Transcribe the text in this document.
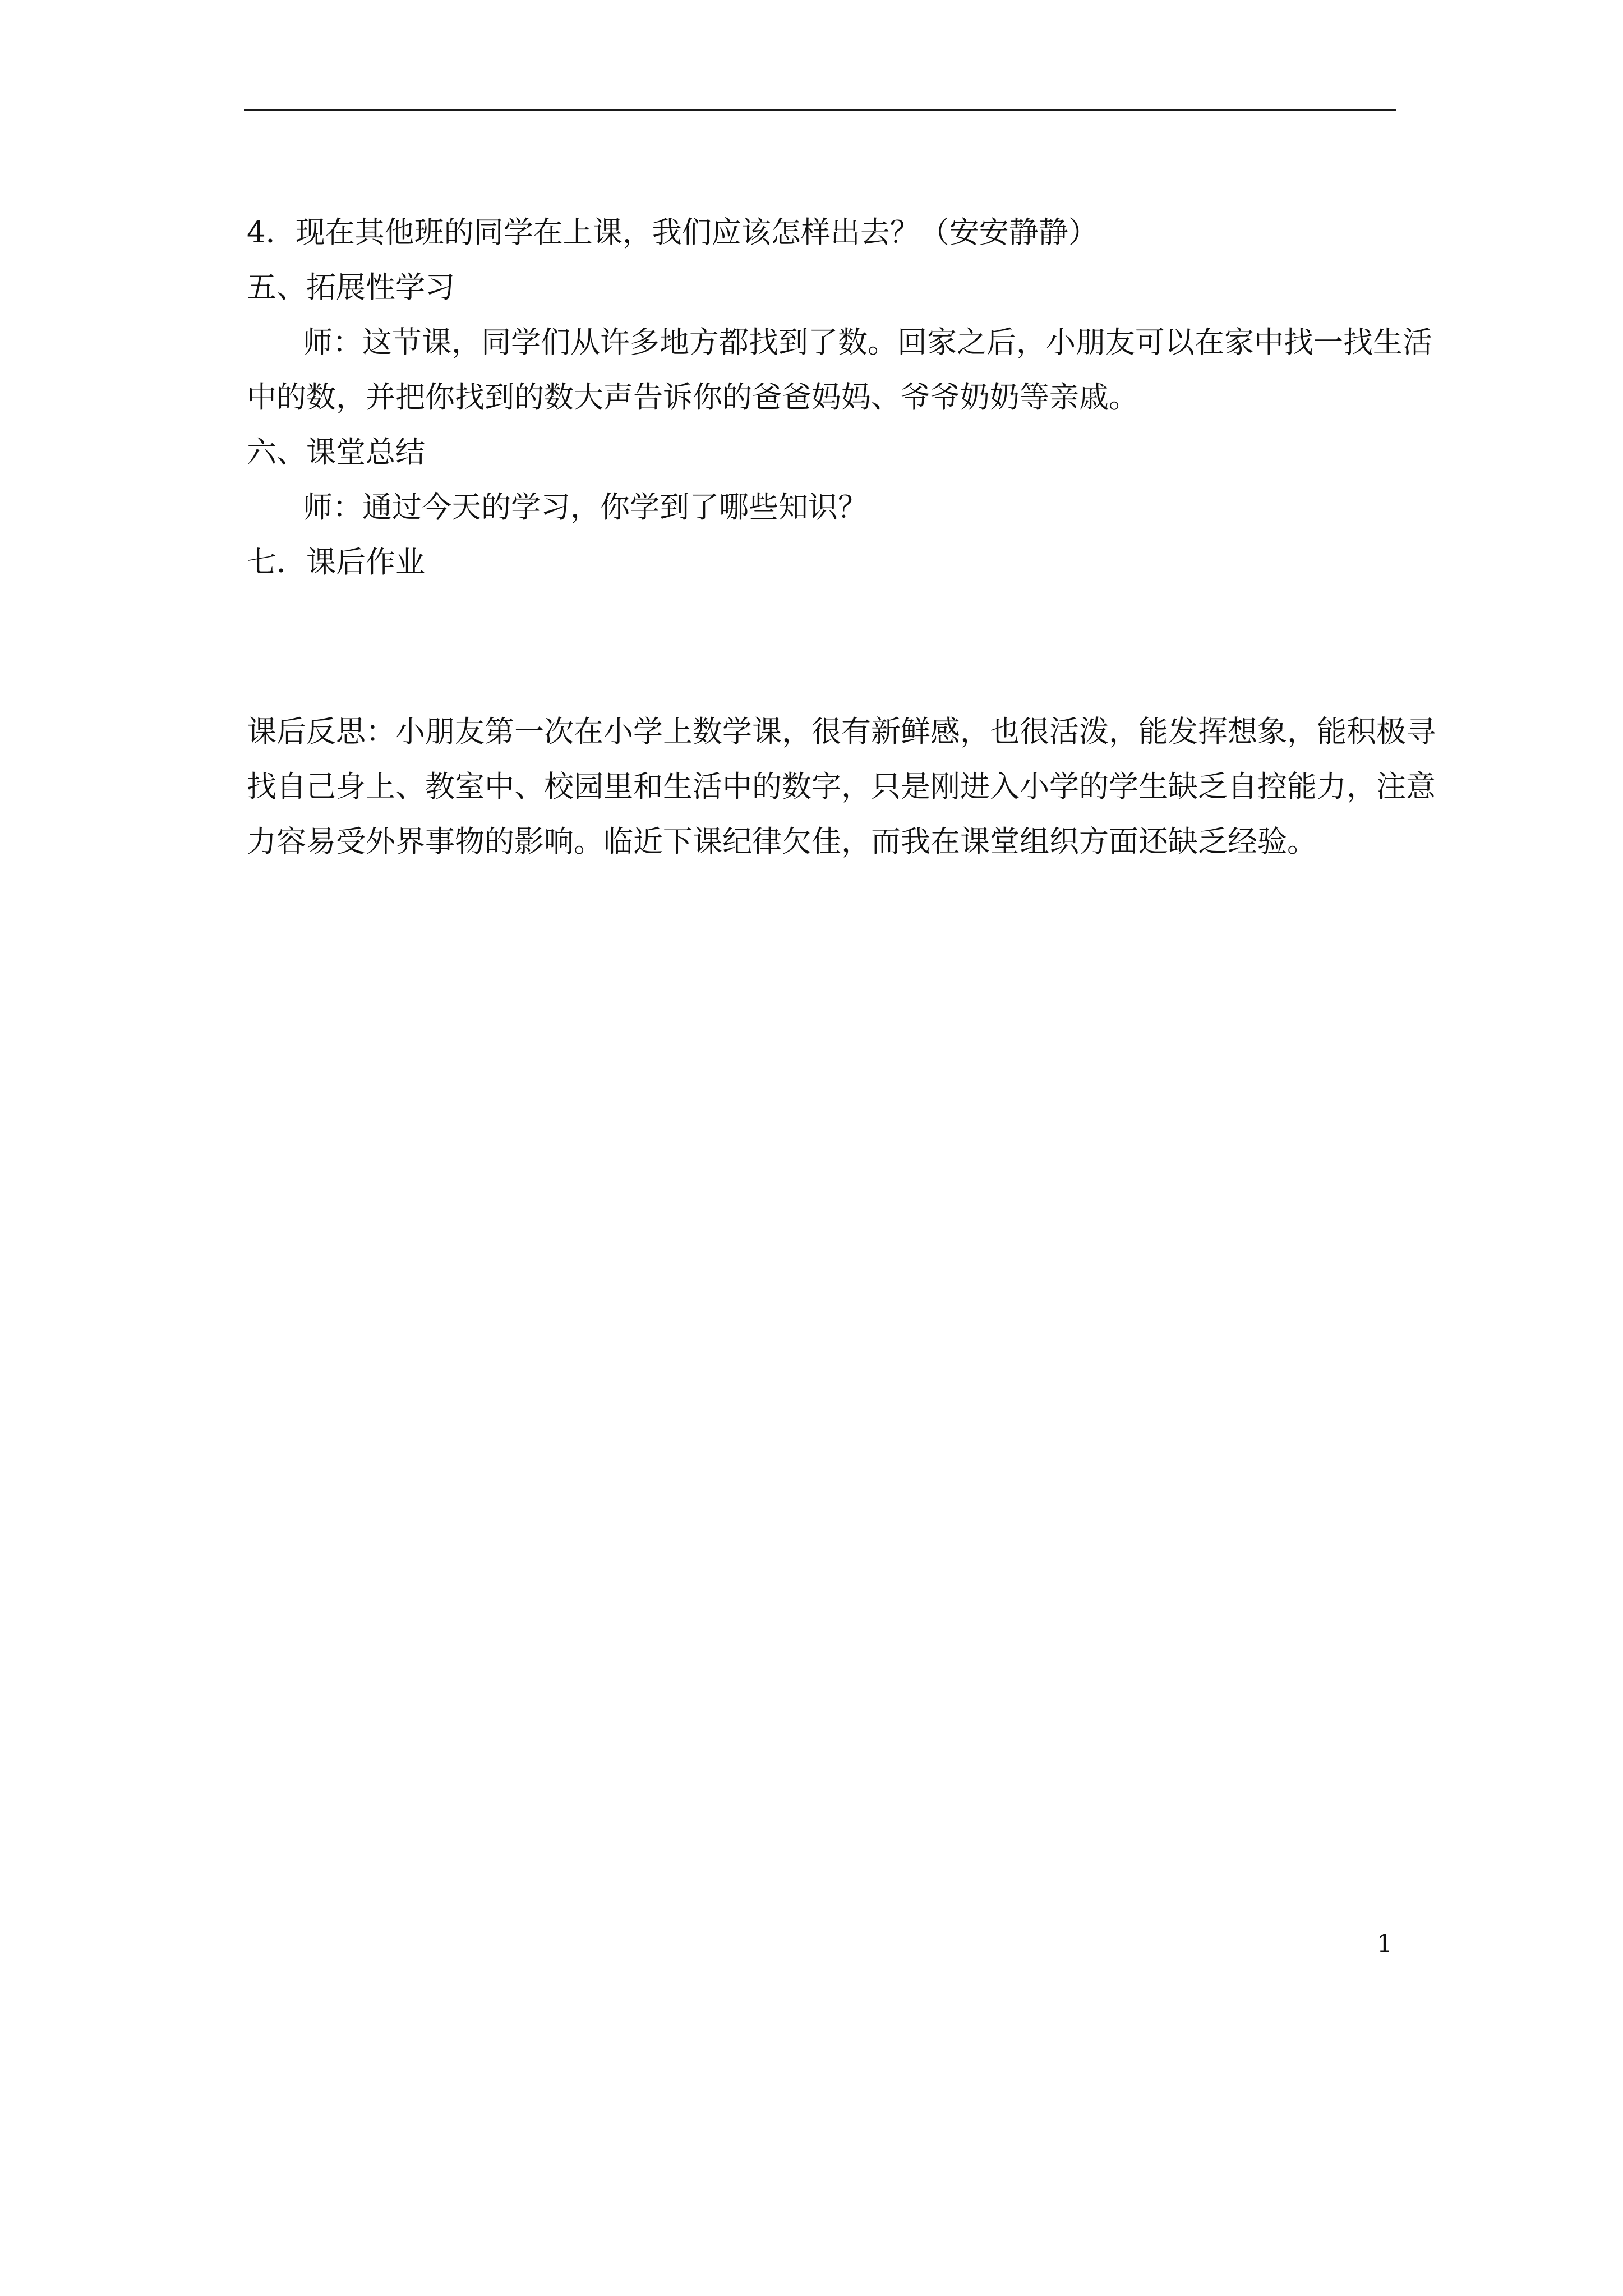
4．现在其他班的同学在上课，我们应该怎样出去？（安安静静）
五、拓展性学习
师：这节课，同学们从许多地方都找到了数。回家之后，小朋友可以在家中找一找生活
中的数，并把你找到的数大声告诉你的爸爸妈妈、爷爷奶奶等亲戚。
六、课堂总结
师：通过今天的学习，你学到了哪些知识？
七．课后作业
课后反思：小朋友第一次在小学上数学课，很有新鲜感，也很活泼，能发挥想象，能积极寻
找自己身上、教室中、校园里和生活中的数字，只是刚进入小学的学生缺乏自控能力，注意
力容易受外界事物的影响。临近下课纪律欠佳，而我在课堂组织方面还缺乏经验。
1
